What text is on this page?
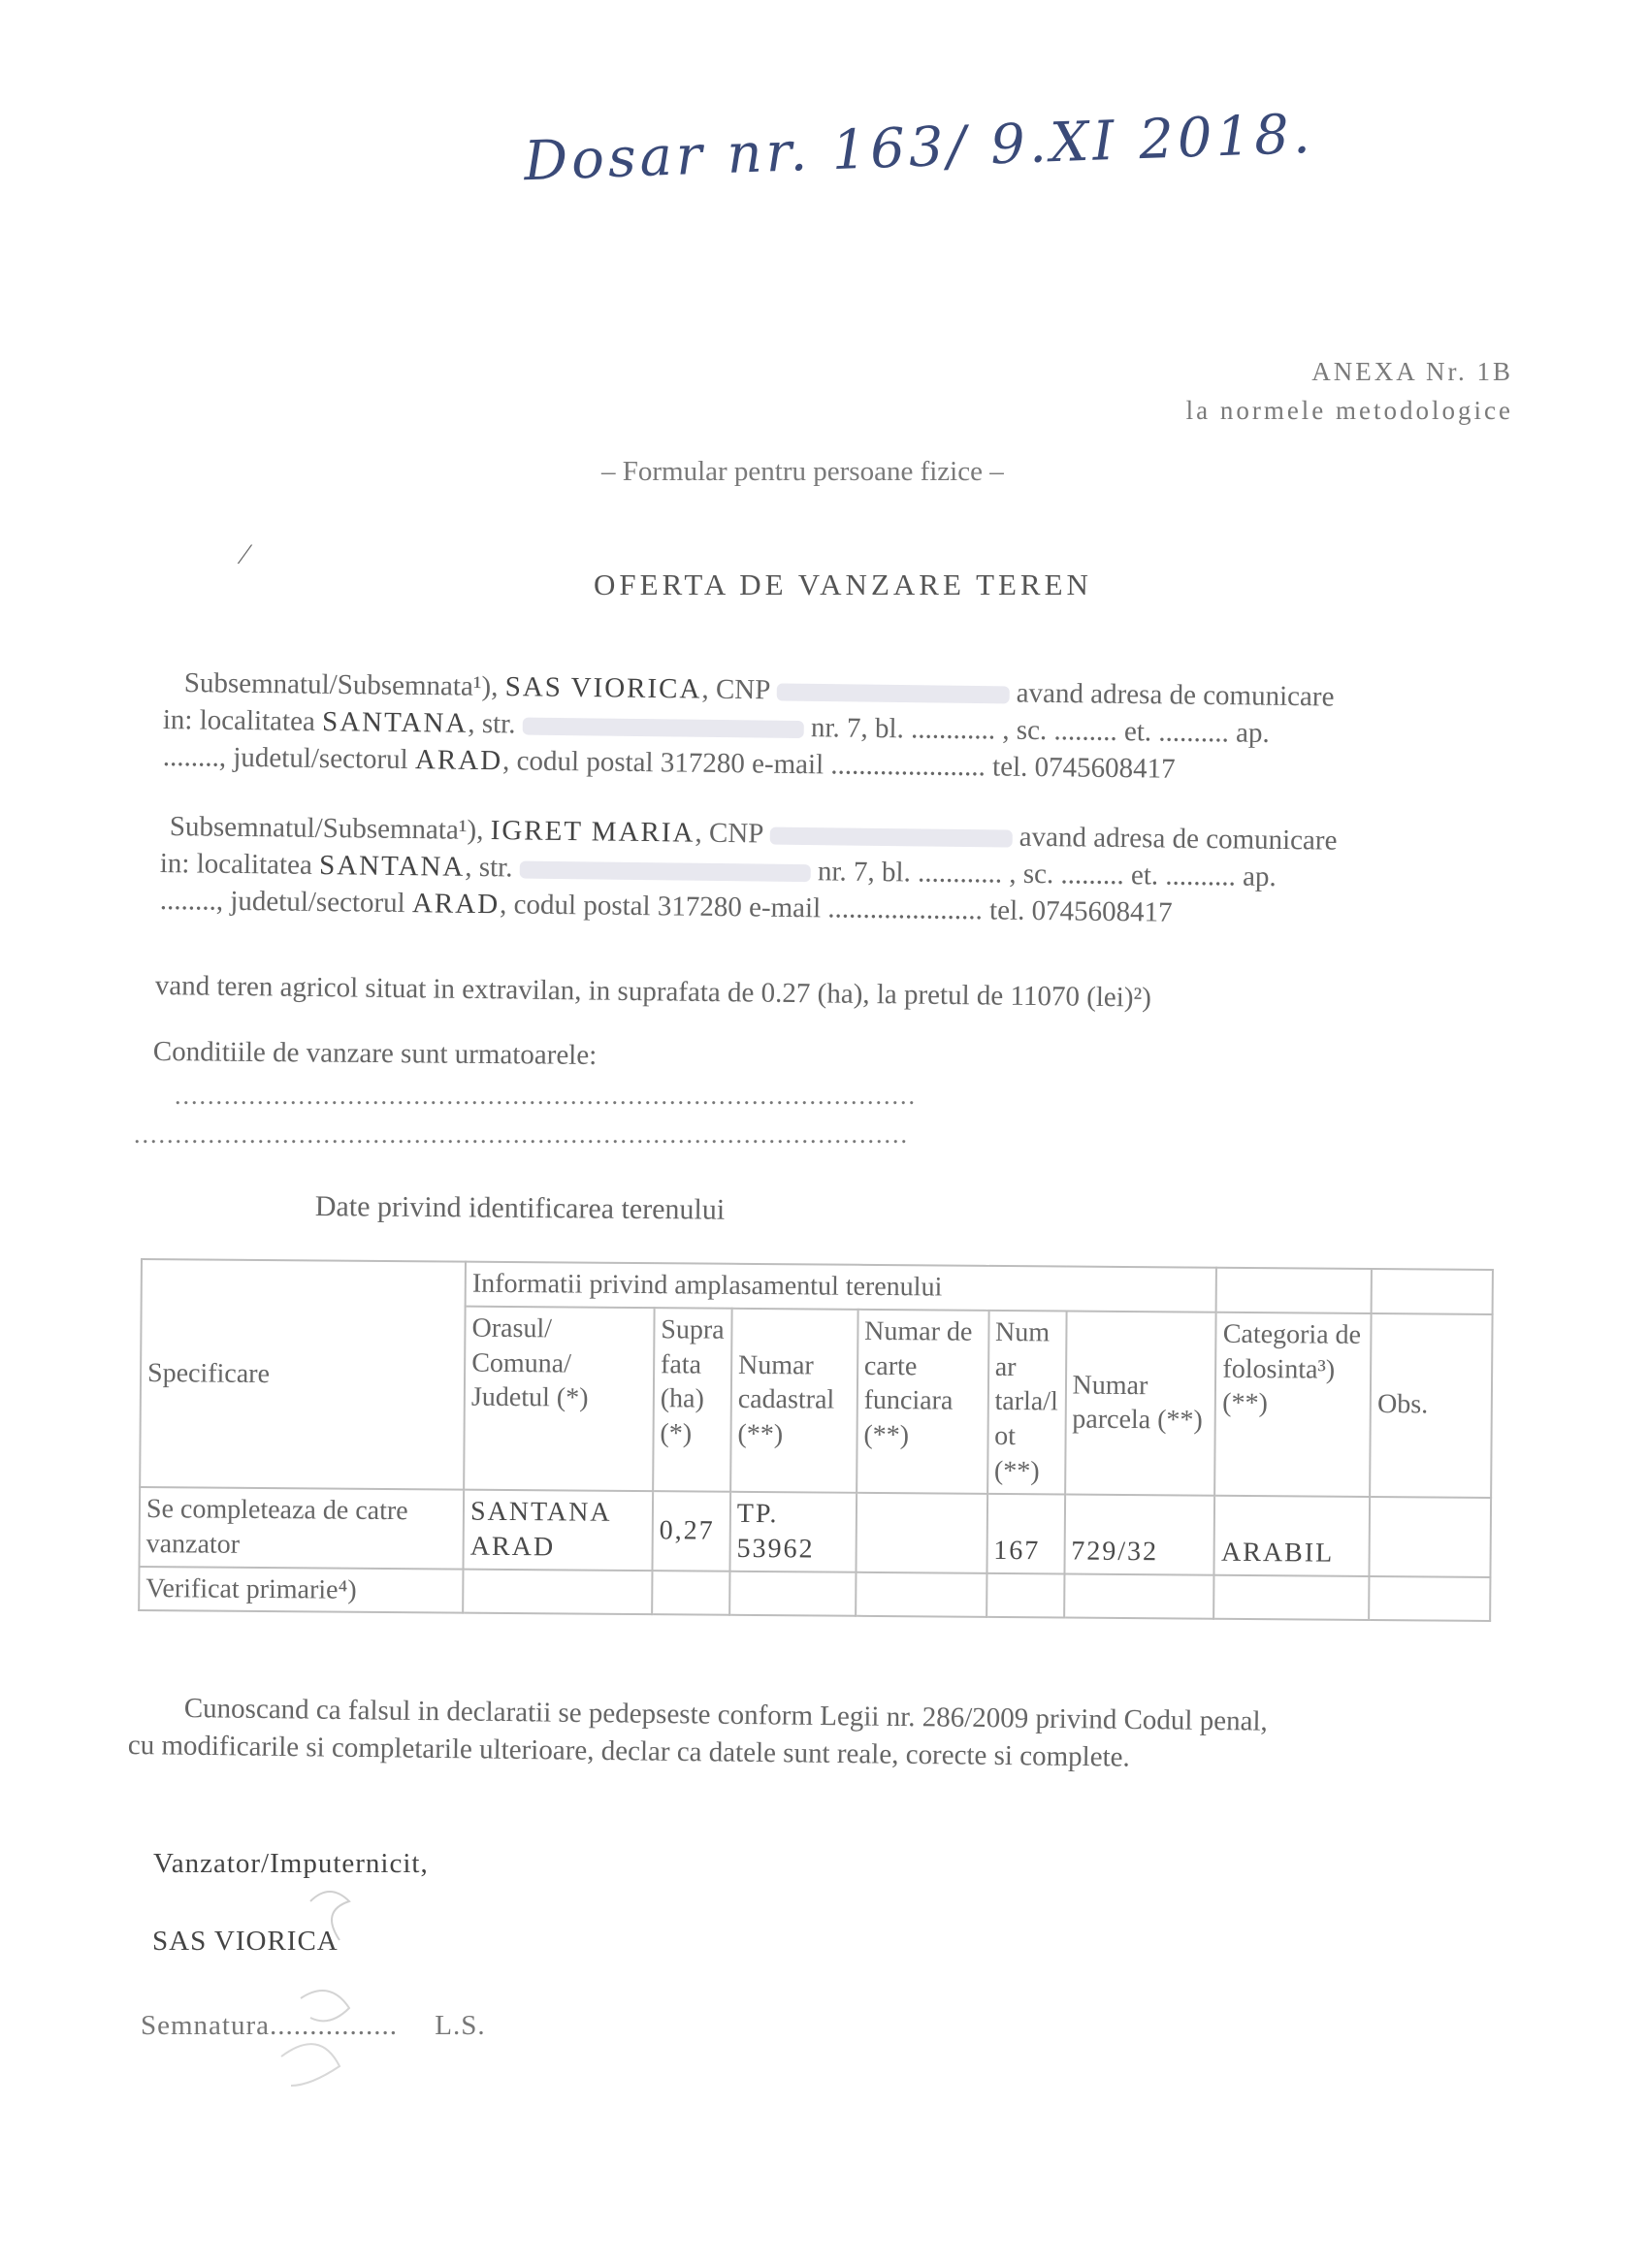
Dosar nr. 163/ 9.XI 2018.
ANEXA Nr. 1B
la normele metodologice
– Formular pentru persoane fizice –
OFERTA DE VANZARE TEREN
Subsemnatul/Subsemnata¹), SAS VIORICA, CNP	avand adresa de comunicare
in: localitatea SANTANA, str.	nr. 7, bl. ............ , sc. ......... et. .......... ap.
........, judetul/sectorul ARAD, codul postal 317280 e-mail ...................... tel. 0745608417
Subsemnatul/Subsemnata¹), IGRET MARIA, CNP	avand adresa de comunicare
in: localitatea SANTANA, str.	nr. 7, bl. ............ , sc. ......... et. .......... ap.
........, judetul/sectorul ARAD, codul postal 317280 e-mail ...................... tel. 0745608417
vand teren agricol situat in extravilan, in suprafata de 0.27 (ha), la pretul de 11070 (lei)²)
Conditiile de vanzare sunt urmatoarele:
..........................................................................................
..............................................................................................
Date privind identificarea terenului
Specificare	Informatii privind amplasamentul terenului							
	Orasul/ Comuna/ Judetul (*)	Supra fata (ha) (*)	Numar cadastral (**)	Numar de carte funciara (**)	Num ar tarla/l ot (**)	Numar parcela (**)	Categoria de folosinta³) (**)	Obs.
Se completeaza de catre vanzator	SANTANA ARAD	0,27	TP. 53962		167	729/32	ARABIL	
Verificat primarie⁴)								
Cunoscand ca falsul in declaratii se pedepseste conform Legii nr. 286/2009 privind Codul penal,
cu modificarile si completarile ulterioare, declar ca datele sunt reale, corecte si complete.
Vanzator/Imputernicit,
SAS VIORICA
Semnatura................ L.S.
⁄
